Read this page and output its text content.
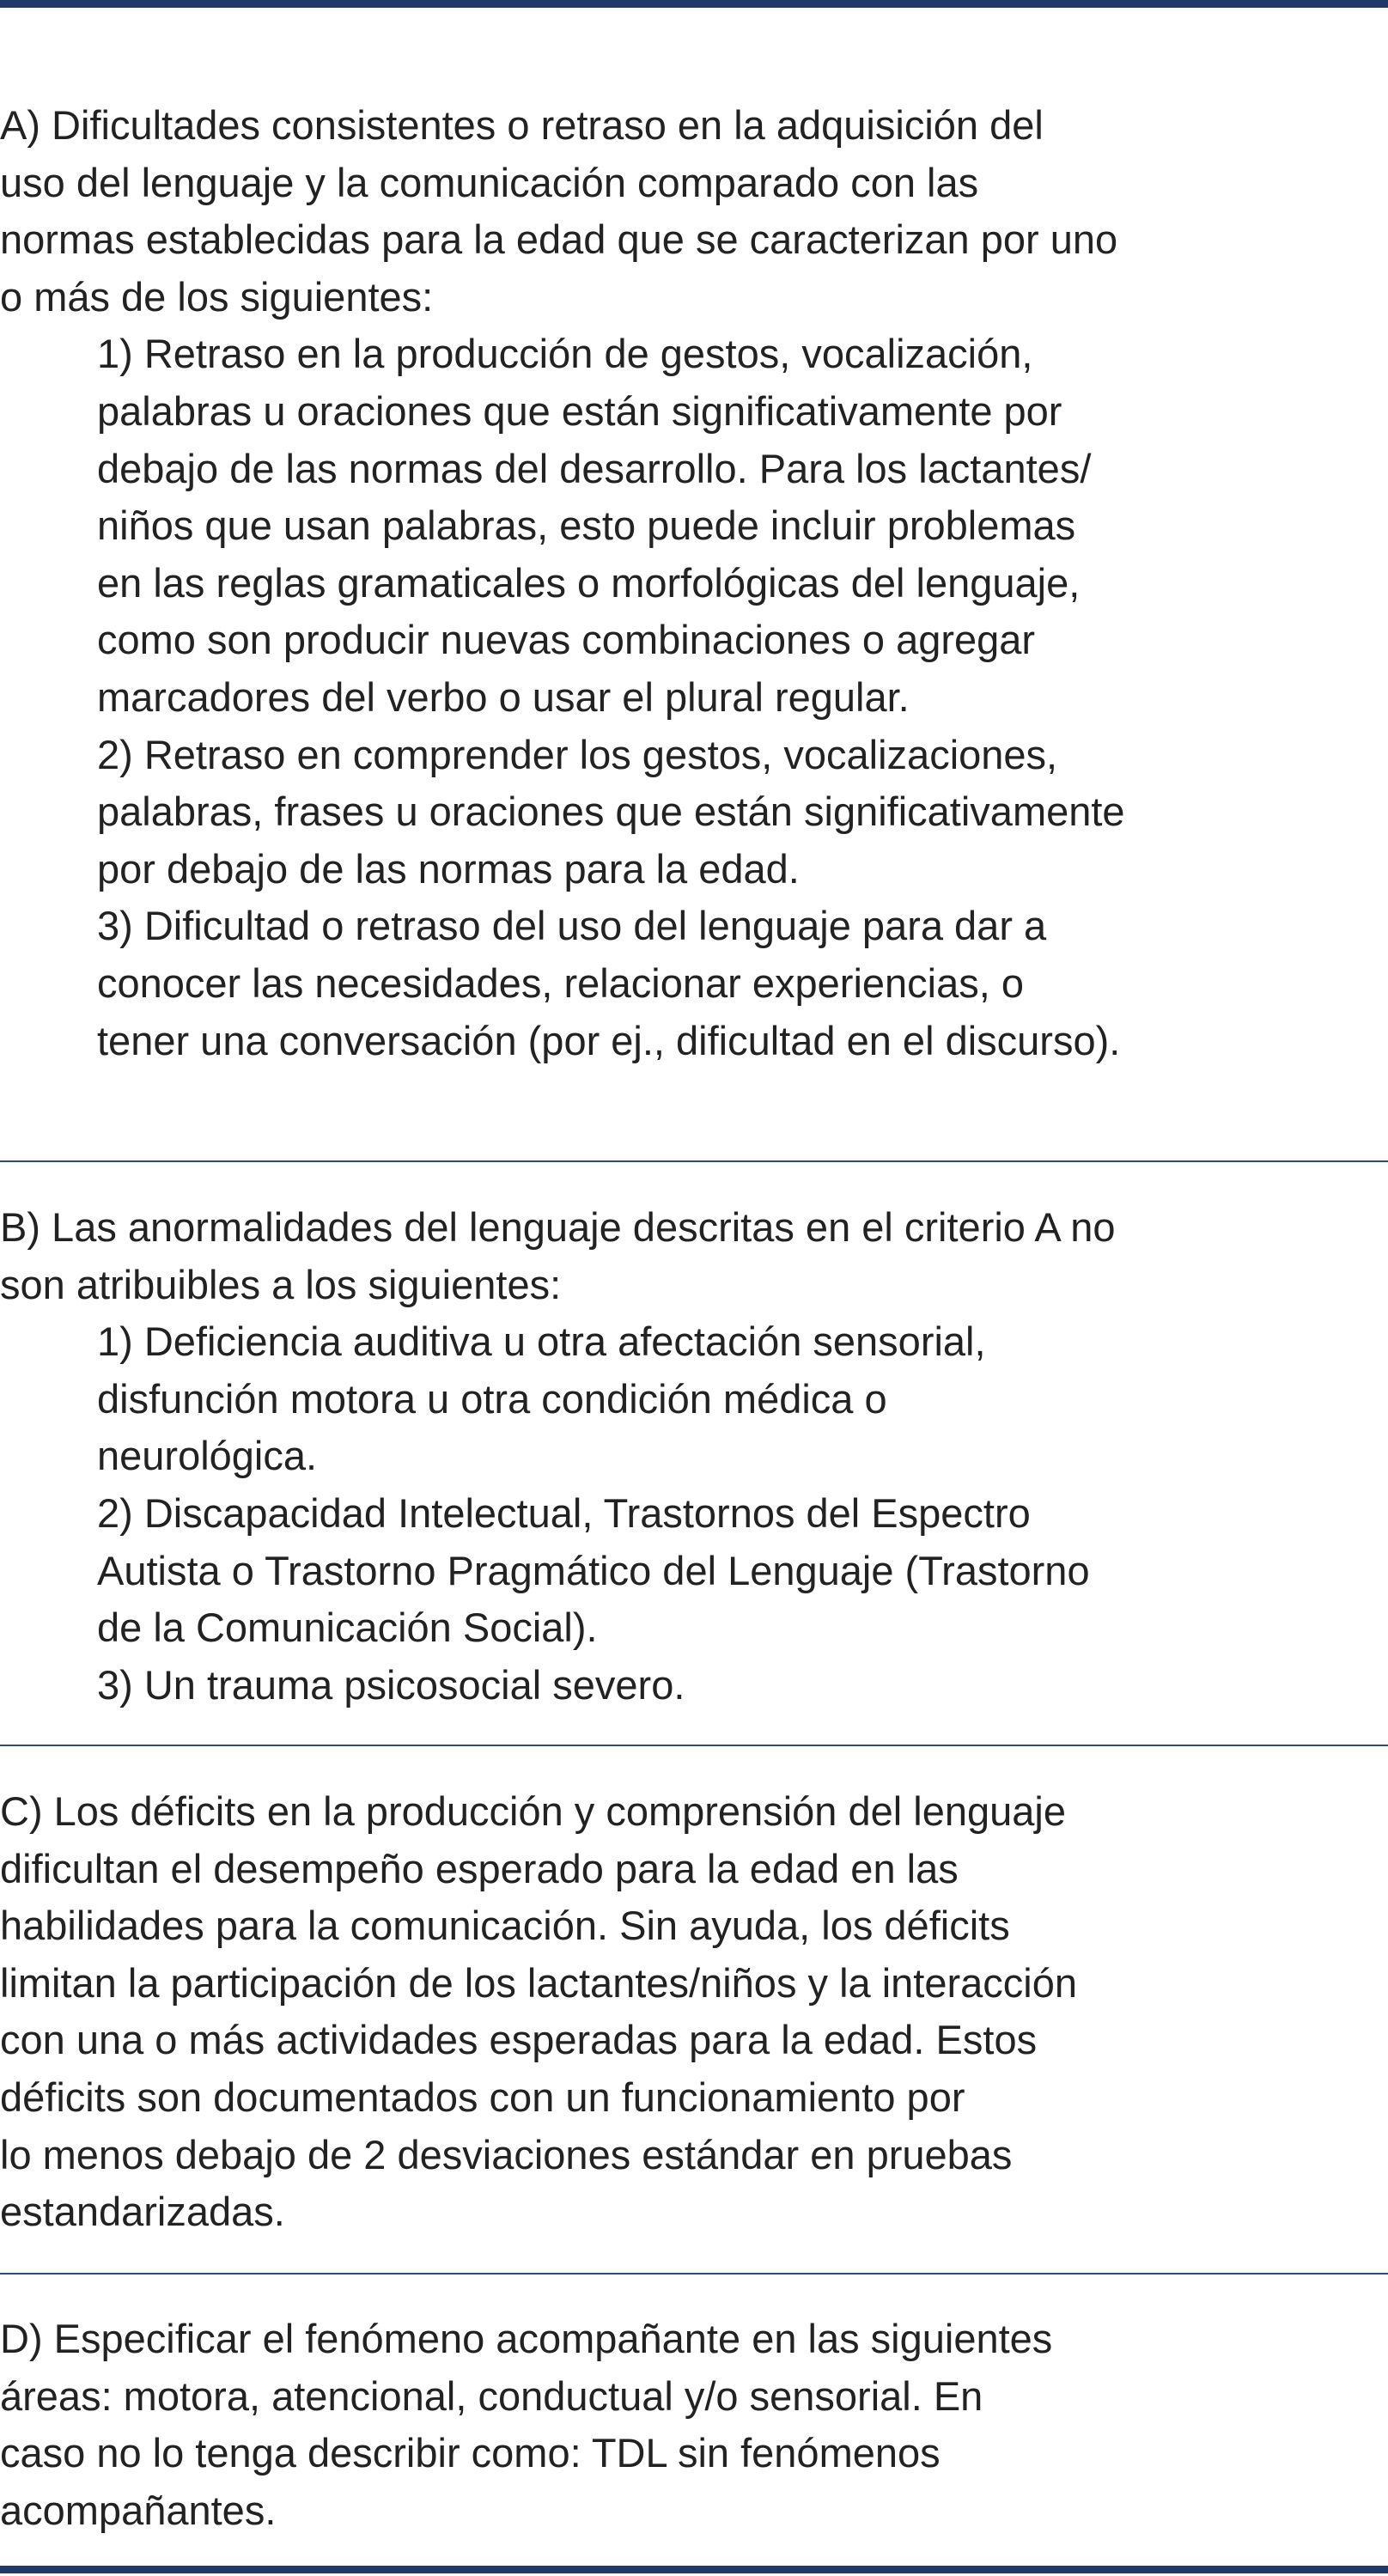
A) Dificultades consistentes o retraso en la adquisición del
uso del lenguaje y la comunicación comparado con las
normas establecidas para la edad que se caracterizan por uno
o más de los siguientes:
1) Retraso en la producción de gestos, vocalización,
palabras u oraciones que están significativamente por
debajo de las normas del desarrollo. Para los lactantes/
niños que usan palabras, esto puede incluir problemas
en las reglas gramaticales o morfológicas del lenguaje,
como son producir nuevas combinaciones o agregar
marcadores del verbo o usar el plural regular.
2) Retraso en comprender los gestos, vocalizaciones,
palabras, frases u oraciones que están significativamente
por debajo de las normas para la edad.
3) Dificultad o retraso del uso del lenguaje para dar a
conocer las necesidades, relacionar experiencias, o
tener una conversación (por ej., dificultad en el discurso).
B) Las anormalidades del lenguaje descritas en el criterio A no
son atribuibles a los siguientes:
1) Deficiencia auditiva u otra afectación sensorial,
disfunción motora u otra condición médica o
neurológica.
2) Discapacidad Intelectual, Trastornos del Espectro
Autista o Trastorno Pragmático del Lenguaje (Trastorno
de la Comunicación Social).
3) Un trauma psicosocial severo.
C) Los déficits en la producción y comprensión del lenguaje
dificultan el desempeño esperado para la edad en las
habilidades para la comunicación. Sin ayuda, los déficits
limitan la participación de los lactantes/niños y la interacción
con una o más actividades esperadas para la edad. Estos
déficits son documentados con un funcionamiento por
lo menos debajo de 2 desviaciones estándar en pruebas
estandarizadas.
D) Especificar el fenómeno acompañante en las siguientes
áreas: motora, atencional, conductual y/o sensorial. En
caso no lo tenga describir como: TDL sin fenómenos
acompañantes.
